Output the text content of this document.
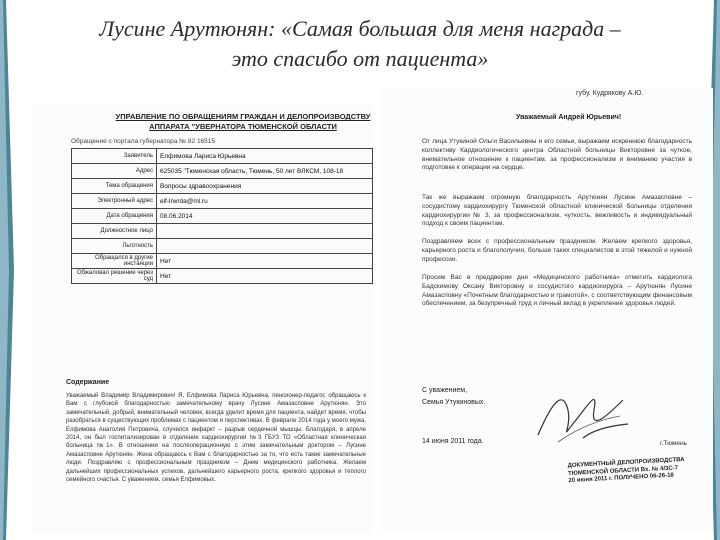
Лусине Арутюнян: «Самая большая для меня награда –
это спасибо от пациента»
УПРАВЛЕНИЕ ПО ОБРАЩЕНИЯМ ГРАЖДАН И ДЕЛОПРОИЗВОДСТВУ
АППАРАТА "УВЕРНАТОРА ТЮМЕНСКОЙ ОБЛАСТИ
Обращение с портала губернатора № 82 16515
Заявитель	Елфимова Лариса Юрьевна
Адрес	625035 "Тюменская область, Тюмень, 50 лет ВЛКСМ, 108-18
Тема обращения	Вопросы здравоохранения
Электронный адрес	elf-lrwrdа@ml.ru
Дата обращения	08.06.2014
Должностное лицо	
Льготность	
Обращался в другие инстанции	Нет
Обжаловал решение через суд	Нет
Содержание
Уважаемый Владимир Владимирович! Я, Елфимова Лариса Юрьевна, пенсионер-педагог, обращаюсь к Вам с глубокой благодарностью замечательному врачу Лусине Амазасповне Арутюнян. Это замечательный, добрый, внимательный человек, всегда уделит время для пациента, найдет время, чтобы разобраться в существующих проблемах с пациентом и перспективах. В феврале 2014 года у моего мужа, Елфимова Анатолия Петровича, случился инфаркт – разрыв сердечной мышцы. Благодаря, в апреле 2014, он был госпитализирован в отделение кардиохирургии №3 ГБУЗ ТО «Областная клиническая больница №1». В отношении на послеоперационную с этим замечательным доктором – Лусине Амазасповне Арутюнян. Жена обращаюсь к Вам с благодарностью за то, что есть такие замечательные люди. Поздравляю с профессиональным праздником – Днем медицинского работника. Желаем дальнейших профессиональных успехов, дальнейшего карьерного роста, крепкого здоровья и теплого семейного счастья. С уважением, семья Елфимовых.
губу. Кудрякову А.Ю.
Уважаемый Андрей Юрьевич!
От лица Утукиной Ольги Васильевны и его семьи, выражаем искреннюю благодарность коллективу Кардиологического центра Областной больницы Викторовне за чуткое, внимательное отношение к пациентам, за профессионализм и вниманию участия в подготовке к операции на сердце.
Так же выражаем огромную благодарность Арутюнян Лусине Амазасповне – сосудистому кардиохирургу Тюменской областной клинической больницы отделения кардиохирургии № 3, за профессионализм, чуткость, вежливость и индивидуальный подход к своим пациентам.
Поздравляем всех с профессиональным праздником. Желаем крепкого здоровья, карьерного роста и благополучия, больше таких специалистов в этой тяжелой и нужной профессии.
Просим Вас в преддверии дня «Медицинского работника» отметить кардиолога Бадскимову Оксану Викторовну и сосудистого кардиохирурга – Арутюнян Лусине Амазасповну «Почетным благодарностью и грамотой», с соответствующим финансовым обеспечением, за безупречный труд и личный вклад в укрепление здоровья людей.
С уважением,
Семья Утукиновых.
14 июня 2011 года.	г.Тюмень
ДОКУМЕНТНЫЙ ДЕЛОПРОИЗВОДСТВА ТЮМЕНСКОЙ ОБЛАСТИ Вх. № 4/3С-7 20 июня 2011 г. ПОЛУЧЕНО 06-26-18
